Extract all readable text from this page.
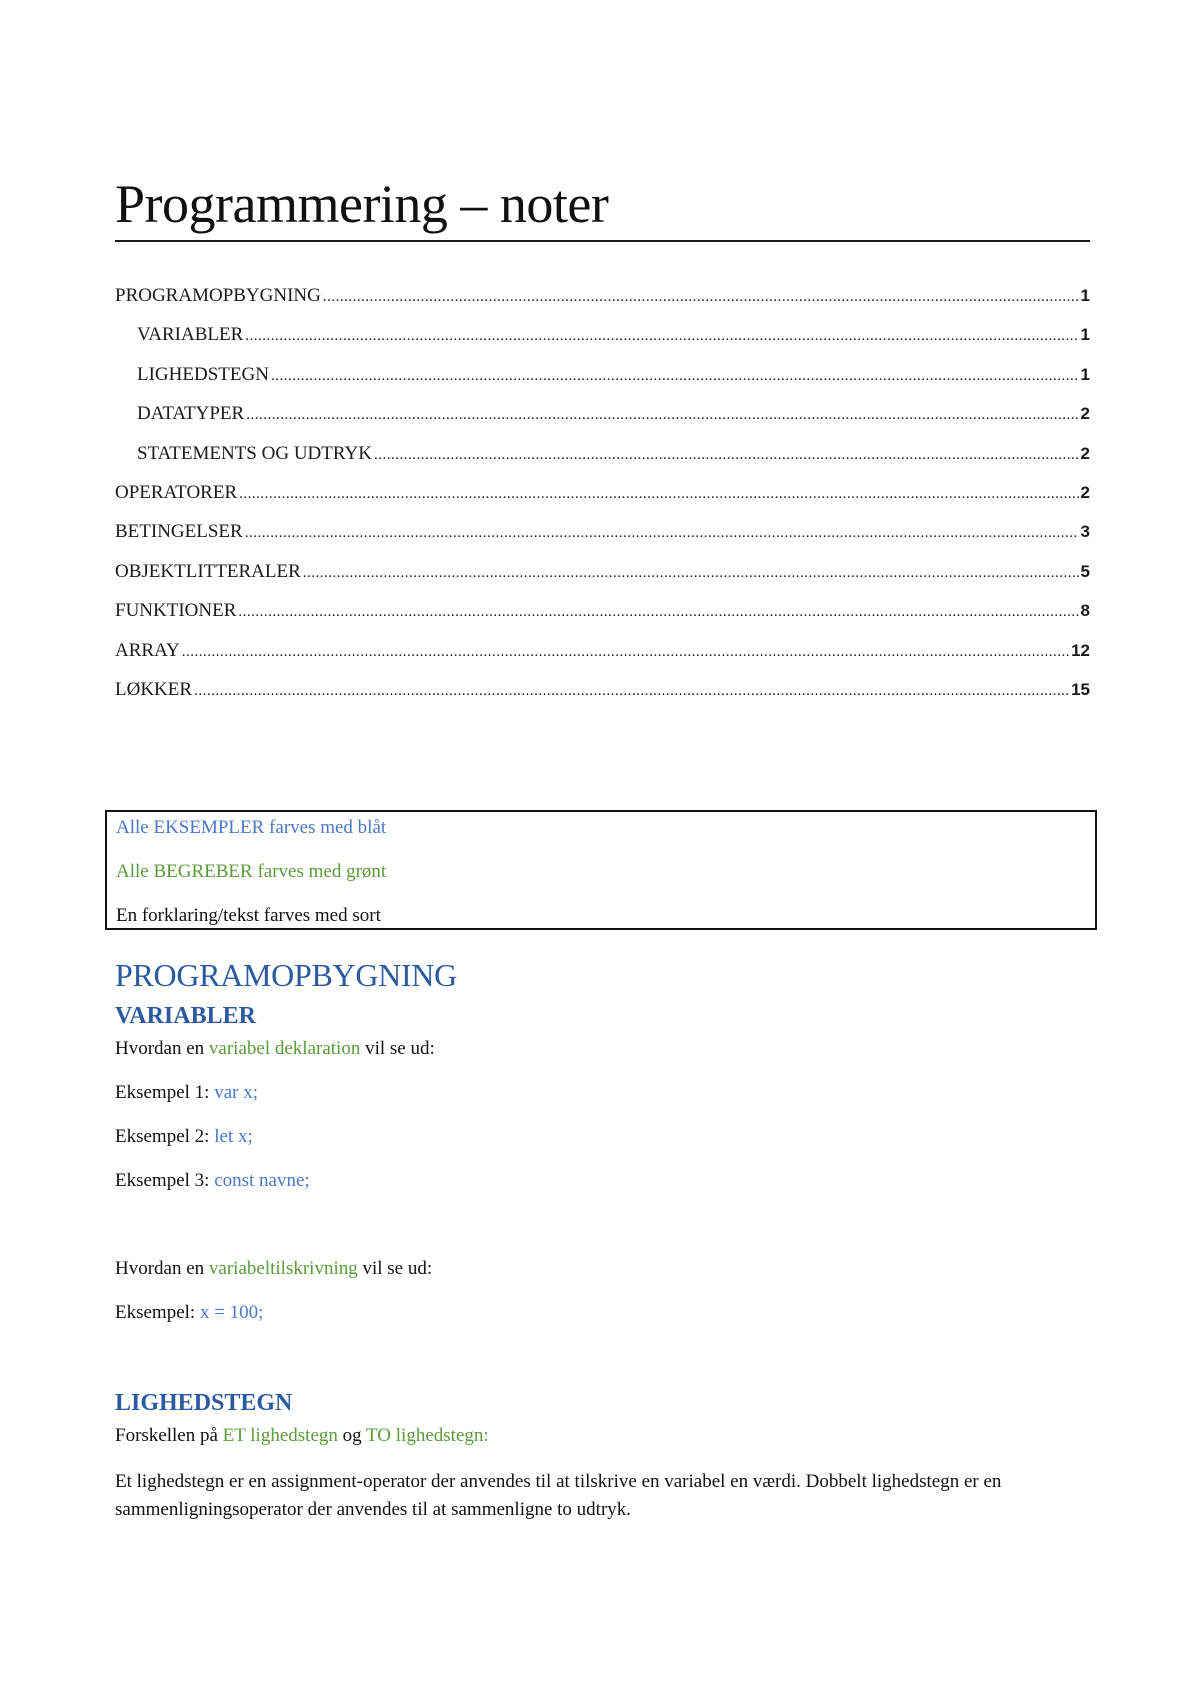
Programmering – noter
PROGRAMOPBYGNING .....	1
VARIABLER .....	1
LIGHEDSTEGN .....	1
DATATYPER .....	2
STATEMENTS OG UDTRYK .....	2
OPERATORER .....	2
BETINGELSER .....	3
OBJEKTLITTERALER .....	5
FUNKTIONER .....	8
ARRAY .....	12
LØKKER .....	15
Alle EKSEMPLER farves med blåt
Alle BEGREBER farves med grønt
En forklaring/tekst farves med sort
PROGRAMOPBYGNING
VARIABLER
Hvordan en variabel deklaration vil se ud:
Eksempel 1: var x;
Eksempel 2: let x;
Eksempel 3: const navne;
Hvordan en variabeltilskrivning vil se ud:
Eksempel: x = 100;
LIGHEDSTEGN
Forskellen på ET lighedstegn og TO lighedstegn:
Et lighedstegn er en assignment-operator der anvendes til at tilskrive en variabel en værdi. Dobbelt lighedstegn er en sammenligningsoperator der anvendes til at sammenligne to udtryk.
